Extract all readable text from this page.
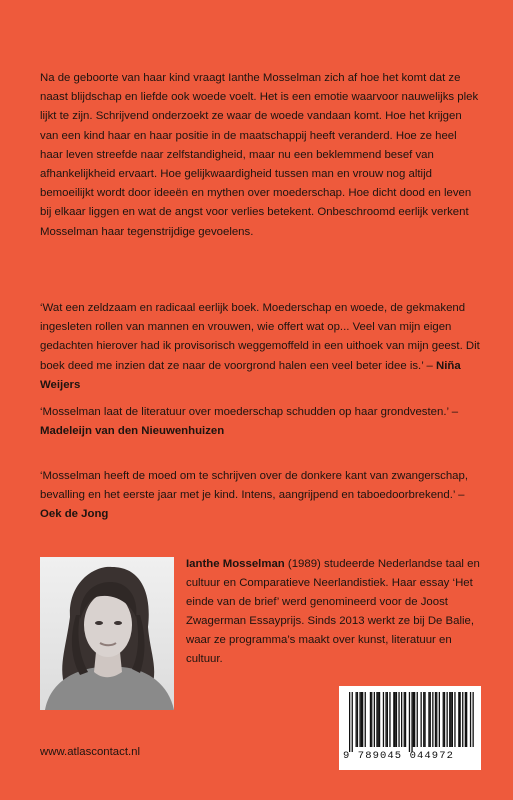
Na de geboorte van haar kind vraagt Ianthe Mosselman zich af hoe het komt dat ze naast blijdschap en liefde ook woede voelt. Het is een emotie waarvoor nauwelijks plek lijkt te zijn. Schrijvend onderzoekt ze waar de woede vandaan komt. Hoe het krijgen van een kind haar en haar positie in de maatschappij heeft veranderd. Hoe ze heel haar leven streefde naar zelfstandigheid, maar nu een beklemmend besef van afhankelijkheid ervaart. Hoe gelijkwaardigheid tussen man en vrouw nog altijd bemoeilijkt wordt door ideeën en mythen over moederschap. Hoe dicht dood en leven bij elkaar liggen en wat de angst voor verlies betekent. Onbeschroomd eerlijk verkent Mosselman haar tegenstrijdige gevoelens.

‘Wat een zeldzaam en radicaal eerlijk boek. Moederschap en woede, de gekmakend ingesleten rollen van mannen en vrouwen, wie offert wat op... Veel van mijn eigen gedachten hierover had ik provisorisch weggemoffeld in een uithoek van mijn geest. Dit boek deed me inzien dat ze naar de voorgrond halen een veel beter idee is.’ – Niña Weijers

‘Mosselman laat de literatuur over moederschap schudden op haar grondvesten.’ – Madeleijn van den Nieuwenhuizen

‘Mosselman heeft de moed om te schrijven over de donkere kant van zwangerschap, bevalling en het eerste jaar met je kind. Intens, aangrijpend en taboedoorbrekend.’ – Oek de Jong

Ianthe Mosselman (1989) studeerde Nederlandse taal en cultuur en Comparatieve Neerlandistiek. Haar essay ‘Het einde van de brief’ werd genomineerd voor de Joost Zwagerman Essayprijs. Sinds 2013 werkt ze bij De Balie, waar ze programma’s maakt over kunst, literatuur en cultuur.
www.atlascontact.nl	9 789045 044972
